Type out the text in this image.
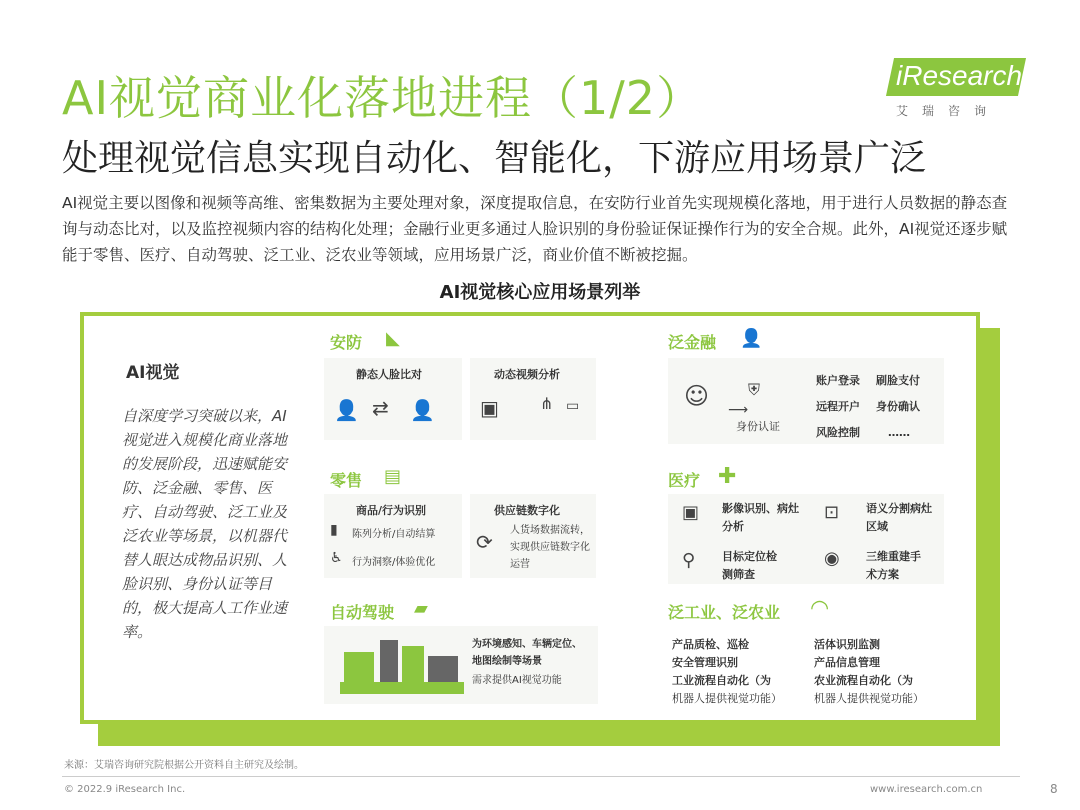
AI视觉商业化落地进程（1/2）	iResearch
艾瑞咨询
处理视觉信息实现自动化、智能化，下游应用场景广泛
AI视觉主要以图像和视频等高维、密集数据为主要处理对象，深度提取信息，在安防行业首先实现规模化落地，用于进行人员数据的静态查询与动态比对，以及监控视频内容的结构化处理；金融行业更多通过人脸识别的身份验证保证操作行为的安全合规。此外，AI视觉还逐步赋能于零售、医疗、自动驾驶、泛工业、泛农业等领域，应用场景广泛，商业价值不断被挖掘。
AI视觉核心应用场景列举
AI视觉
自深度学习突破以来，AI视觉进入规模化商业落地的发展阶段，迅速赋能安防、泛金融、零售、医疗、自动驾驶、泛工业及泛农业等场景，以机器代替人眼达成物品识别、人脸识别、身份认证等目的，极大提高人工作业速率。
安防 ◣
静态人脸比对
👤 ⇄ 👤
动态视频分析
▣	⋔ ▭
泛金融 👤
☺ ⛨
⟶
身份认证
账户登录 刷脸支付
远程开户 身份确认
风险控制	……
零售 ▤
商品/行为识别
▮ 陈列分析/自动结算
♿ 行为洞察/体验优化
供应链数字化
⟳ 人货场数据流转，实现供应链数字化运营
医疗 ✚
▣ 影像识别、病灶分析
⊡ 语义分割病灶区域
⚲ 目标定位检测筛查
◉ 三维重建手术方案
自动驾驶 ▰
为环境感知、车辆定位、地图绘制等场景
需求提供AI视觉功能
泛工业、泛农业 ◠
产品质检、巡检
安全管理识别
工业流程自动化（为
机器人提供视觉功能）
活体识别监测
产品信息管理
农业流程自动化（为
机器人提供视觉功能）
来源：艾瑞咨询研究院根据公开资料自主研究及绘制。
© 2022.9 iResearch Inc.	www.iresearch.com.cn	8
